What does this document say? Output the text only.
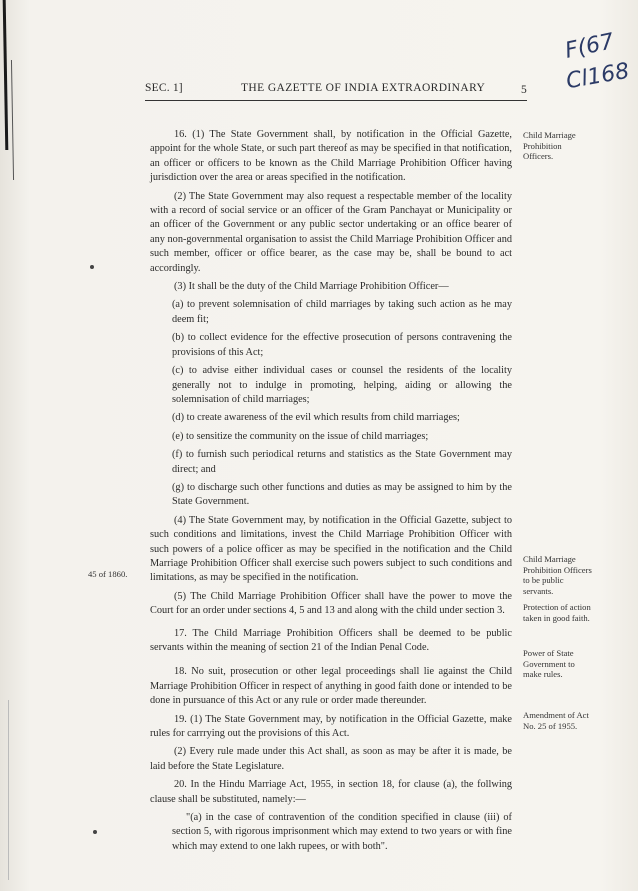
F(67
Cl168
SEC. 1]	THE GAZETTE OF INDIA EXTRAORDINARY	5

16. (1) The State Government shall, by notification in the Official Gazette, appoint for the whole State, or such part thereof as may be specified in that notification, an officer or officers to be known as the Child Marriage Prohibition Officer having jurisdiction over the area or areas specified in the notification.

(2) The State Government may also request a respectable member of the locality with a record of social service or an officer of the Gram Panchayat or Municipality or an officer of the Government or any public sector undertaking or an office bearer of any non-governmental organisation to assist the Child Marriage Prohibition Officer and such member, officer or office bearer, as the case may be, shall be bound to act accordingly.

(3) It shall be the duty of the Child Marriage Prohibition Officer—

(a) to prevent solemnisation of child marriages by taking such action as he may deem fit;

(b) to collect evidence for the effective prosecution of persons contravening the provisions of this Act;

(c) to advise either individual cases or counsel the residents of the locality generally not to indulge in promoting, helping, aiding or allowing the solemnisation of child marriages;

(d) to create awareness of the evil which results from child marriages;

(e) to sensitize the community on the issue of child marriages;

(f) to furnish such periodical returns and statistics as the State Government may direct; and

(g) to discharge such other functions and duties as may be assigned to him by the State Government.

(4) The State Government may, by notification in the Official Gazette, subject to such conditions and limitations, invest the Child Marriage Prohibition Officer with such powers of a police officer as may be specified in the notification and the Child Marriage Prohibition Officer shall exercise such powers subject to such conditions and limitations, as may be specified in the notification.

(5) The Child Marriage Prohibition Officer shall have the power to move the Court for an order under sections 4, 5 and 13 and along with the child under section 3.

17. The Child Marriage Prohibition Officers shall be deemed to be public servants within the meaning of section 21 of the Indian Penal Code.

18. No suit, prosecution or other legal proceedings shall lie against the Child Marriage Prohibition Officer in respect of anything in good faith done or intended to be done in pursuance of this Act or any rule or order made thereunder.

19. (1) The State Government may, by notification in the Official Gazette, make rules for carrrying out the provisions of this Act.

(2) Every rule made under this Act shall, as soon as may be after it is made, be laid before the State Legislature.

20. In the Hindu Marriage Act, 1955, in section 18, for clause (a), the follwing clause shall be substituted, namely:—

"(a) in the case of contravention of the condition specified in clause (iii) of section 5, with rigorous imprisonment which may extend to two years or with fine which may extend to one lakh rupees, or with both".

Child Marriage Prohibition Officers.
Child Marriage Prohibition Officers to be public servants.
Protection of action taken in good faith.
Power of State Government to make rules.
Amendment of Act No. 25 of 1955.
45 of 1860.
